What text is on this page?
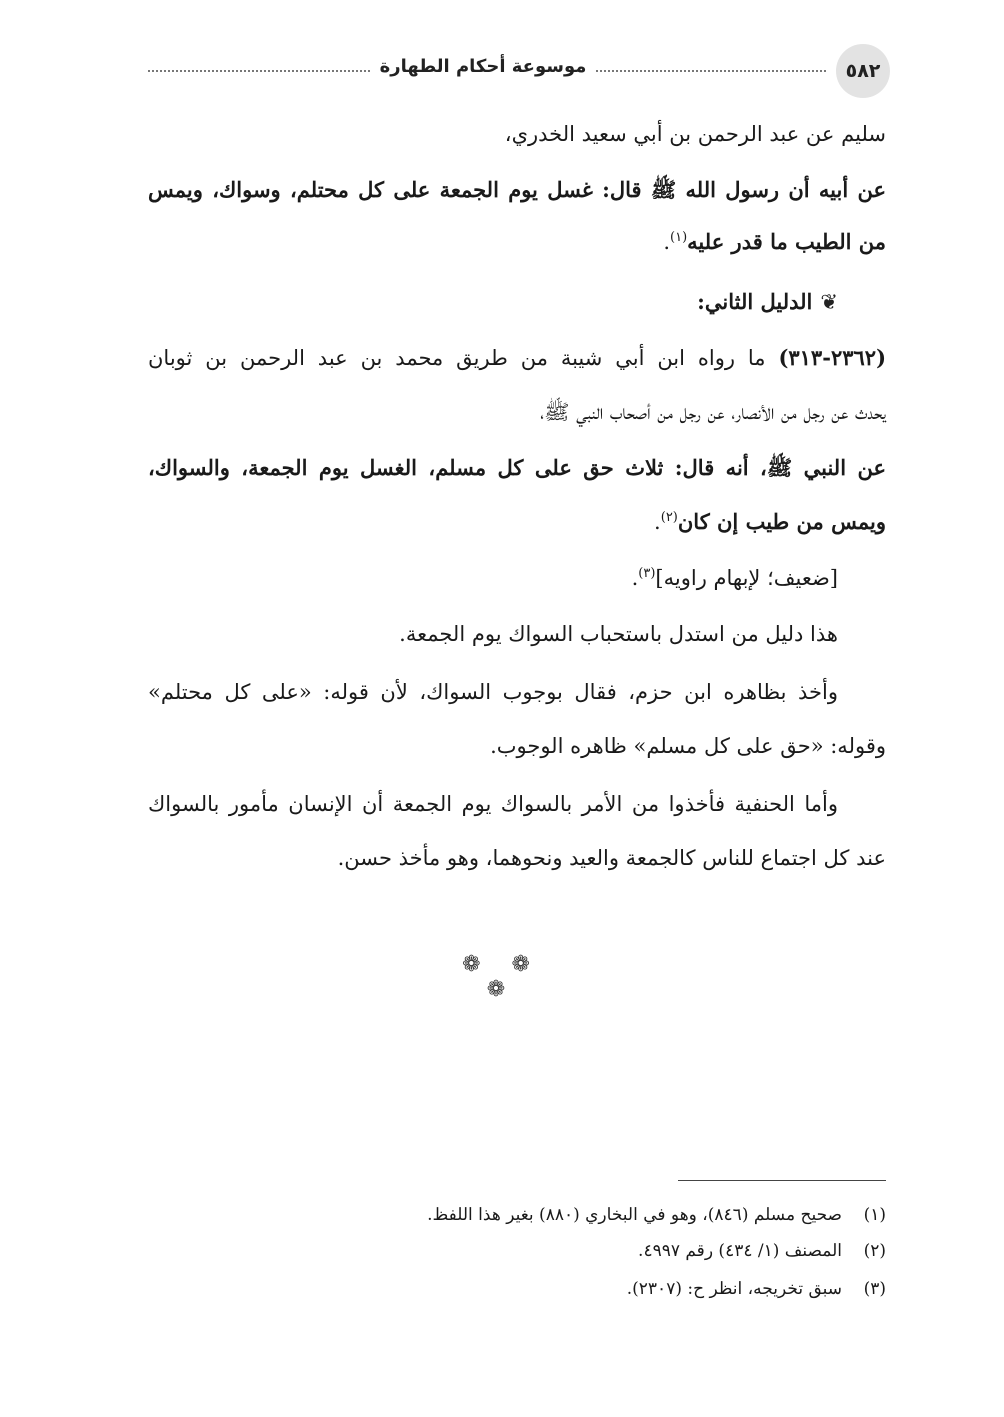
٥٨٢
موسوعة أحكام الطهارة
سليم عن عبد الرحمن بن أبي سعيد الخدري،
عن أبيه أن رسول الله ﷺ قال: غسل يوم الجمعة على كل محتلم، وسواك، ويمس
من الطيب ما قدر عليه$^{(١)}$.
❦الدليل الثاني:
(٢٣٦٢-٣١٣) ما رواه ابن أبي شيبة من طريق محمد بن عبد الرحمن بن ثوبان
يحدث عن رجل من الأنصار، عن رجل من أصحاب النبي ﷺ،
عن النبي ﷺ، أنه قال: ثلاث حق على كل مسلم، الغسل يوم الجمعة، والسواك،
ويمس من طيب إن كان$^{(٢)}$.
[ضعيف؛ لإبهام راويه]$^{(٣)}$.
هذا دليل من استدل باستحباب السواك يوم الجمعة.
وأخذ بظاهره ابن حزم، فقال بوجوب السواك، لأن قوله: «على كل محتلم»
وقوله: «حق على كل مسلم» ظاهره الوجوب.
وأما الحنفية فأخذوا من الأمر بالسواك يوم الجمعة أن الإنسان مأمور بالسواك
عند كل اجتماع للناس كالجمعة والعيد ونحوهما، وهو مأخذ حسن.
❁ ❁ ❁
(١)صحيح مسلم (٨٤٦)، وهو في البخاري (٨٨٠) بغير هذا اللفظ.
(٢)المصنف (١/ ٤٣٤) رقم ٤٩٩٧.
(٣)سبق تخريجه، انظر ح: (٢٣٠٧).
